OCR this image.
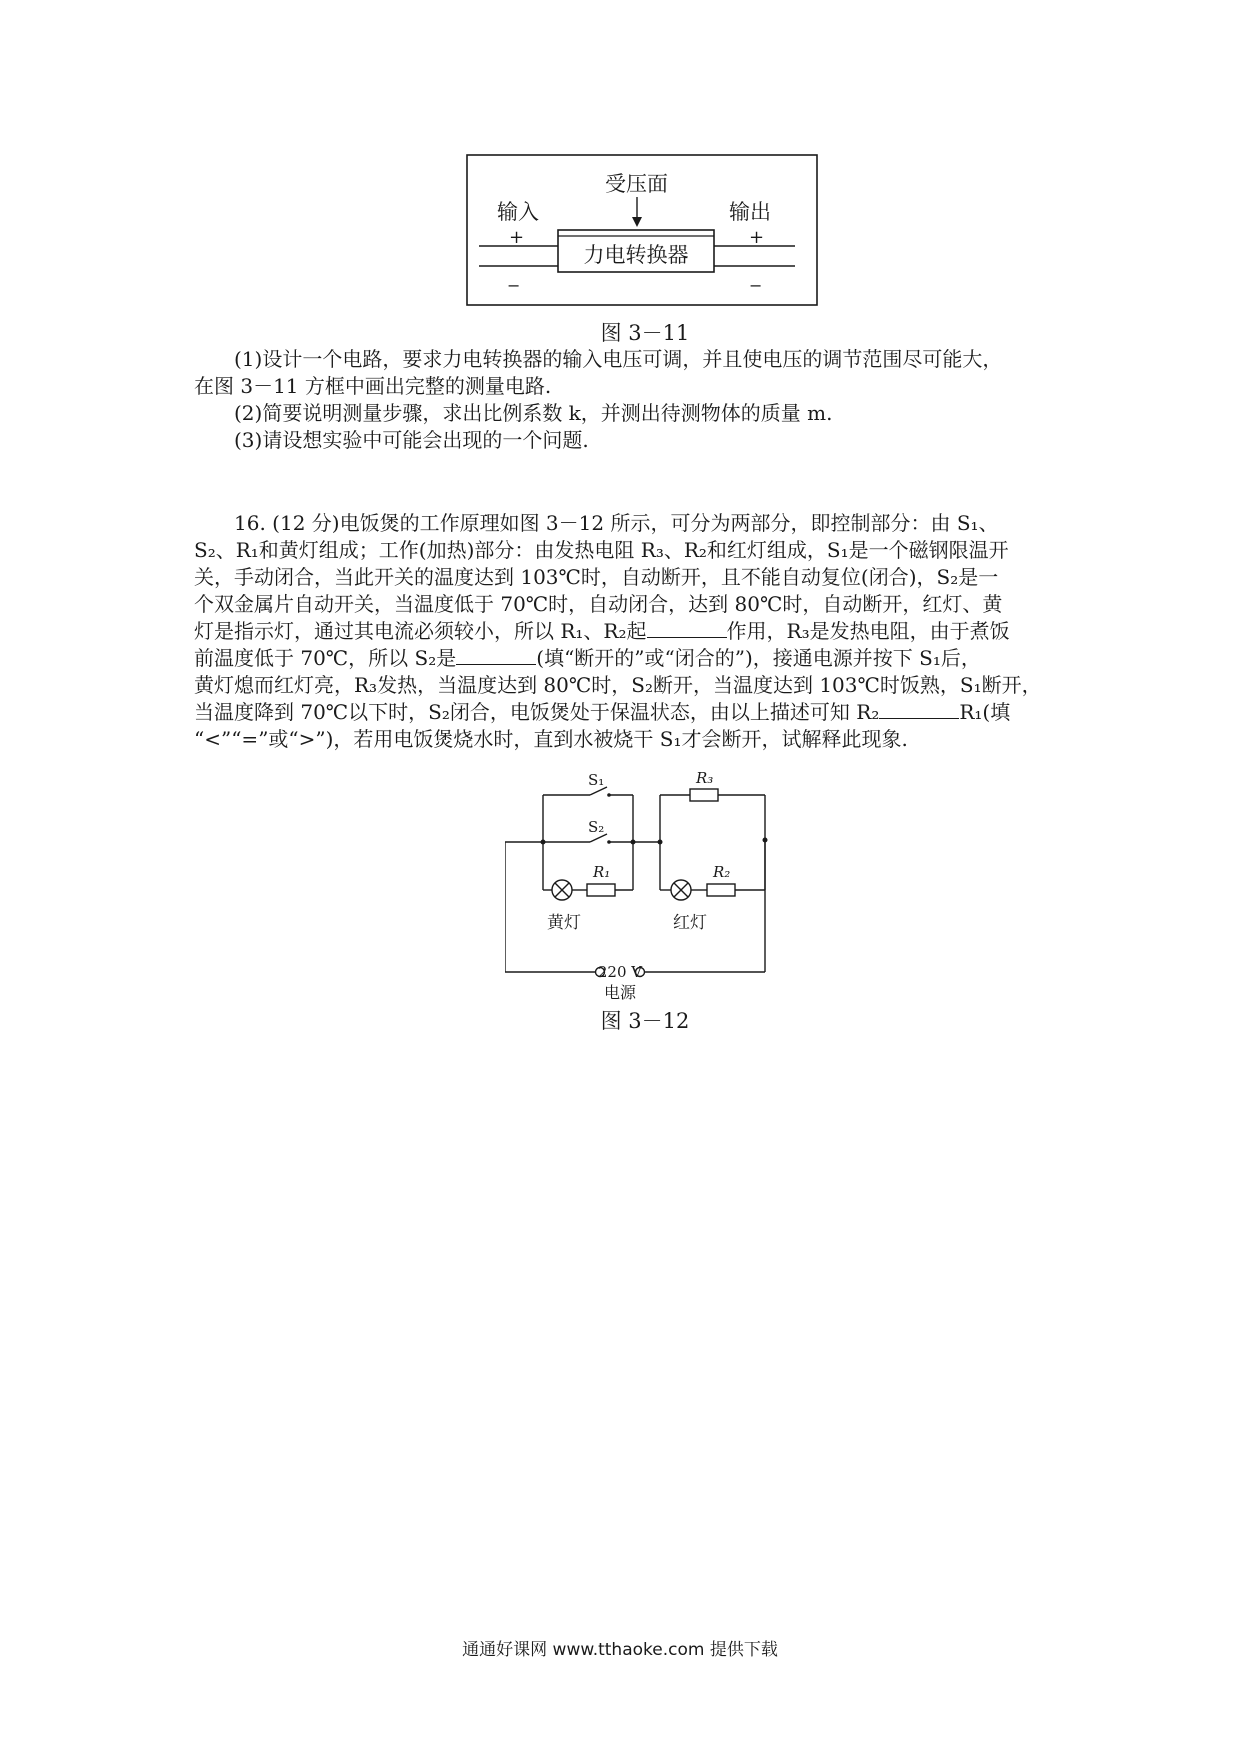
受压面
输入	输出
+	+
力电转换器
−	−
图 3－11
(1)设计一个电路，要求力电转换器的输入电压可调，并且使电压的调节范围尽可能大，
在图 3－11 方框中画出完整的测量电路.
(2)简要说明测量步骤，求出比例系数 k，并测出待测物体的质量 m.
(3)请设想实验中可能会出现的一个问题.
16. (12 分)电饭煲的工作原理如图 3－12 所示，可分为两部分，即控制部分：由 S₁、
S₂、R₁和黄灯组成；工作(加热)部分：由发热电阻 R₃、R₂和红灯组成，S₁是一个磁钢限温开
关，手动闭合，当此开关的温度达到 103℃时，自动断开，且不能自动复位(闭合)，S₂是一
个双金属片自动开关，当温度低于 70℃时，自动闭合，达到 80℃时，自动断开，红灯、黄
灯是指示灯，通过其电流必须较小，所以 R₁、R₂起	作用，R₃是发热电阻，由于煮饭
前温度低于 70℃，所以 S₂是	(填“断开的”或“闭合的”)，接通电源并按下 S₁后，
黄灯熄而红灯亮，R₃发热，当温度达到 80℃时，S₂断开，当温度达到 103℃时饭熟，S₁断开，
当温度降到 70℃以下时，S₂闭合，电饭煲处于保温状态，由以上描述可知 R₂	R₁(填
“<”“=”或“>”)，若用电饭煲烧水时，直到水被烧干 S₁才会断开，试解释此现象.
S₁
S₂
R₃
R₁	R₂
黄灯	红灯
220 V
电源
图 3－12
通通好课网 www.tthaoke.com 提供下载
